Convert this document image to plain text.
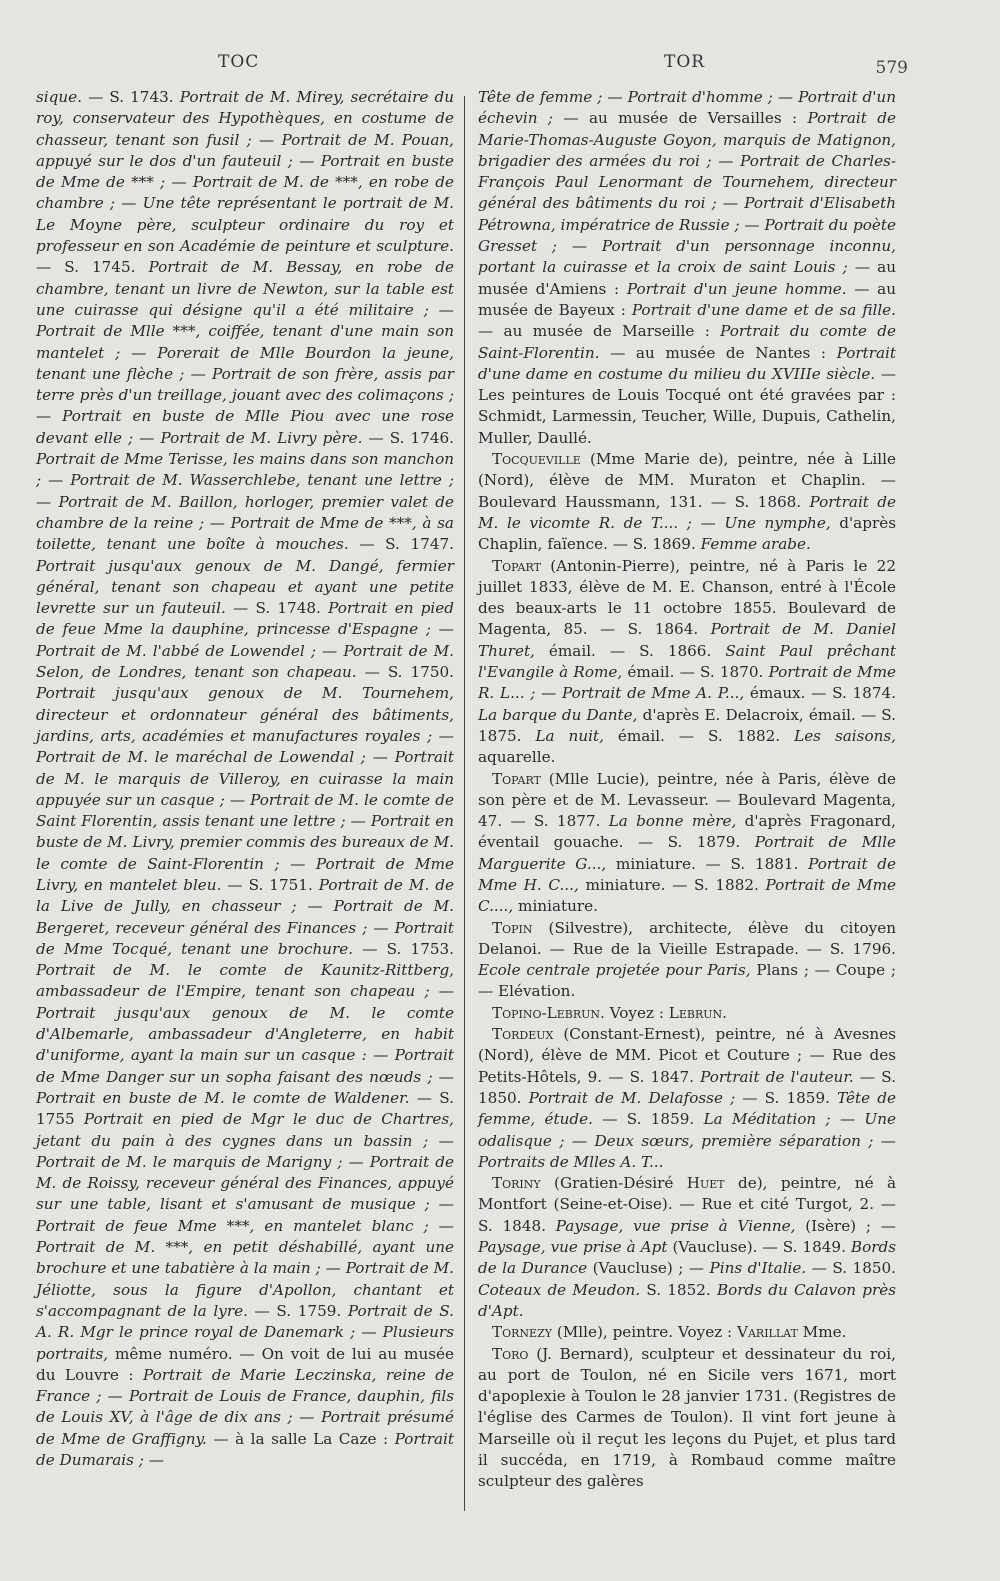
TOC	TOR	579

sique. — S. 1743. Portrait de M. Mirey, secrétaire du roy, conservateur des Hypothèques, en costume de chasseur, tenant son fusil ; — Portrait de M. Pouan, appuyé sur le dos d'un fauteuil ; — Portrait en buste de Mme de *** ; — Portrait de M. de ***, en robe de chambre ; — Une tête représentant le portrait de M. Le Moyne père, sculpteur ordinaire du roy et professeur en son Académie de peinture et sculpture. — S. 1745. Portrait de M. Bessay, en robe de chambre, tenant un livre de Newton, sur la table est une cuirasse qui désigne qu'il a été militaire ; — Portrait de Mlle ***, coiffée, tenant d'une main son mantelet ; — Porerait de Mlle Bourdon la jeune, tenant une flèche ; — Portrait de son frère, assis par terre près d'un treillage, jouant avec des colimaçons ; — Portrait en buste de Mlle Piou avec une rose devant elle ; — Portrait de M. Livry père. — S. 1746. Portrait de Mme Terisse, les mains dans son manchon ; — Portrait de M. Wasserchlebe, tenant une lettre ; — Portrait de M. Baillon, horloger, premier valet de chambre de la reine ; — Portrait de Mme de ***, à sa toilette, tenant une boîte à mouches. — S. 1747. Portrait jusqu'aux genoux de M. Dangé, fermier général, tenant son chapeau et ayant une petite levrette sur un fauteuil. — S. 1748. Portrait en pied de feue Mme la dauphine, princesse d'Espagne ; — Portrait de M. l'abbé de Lowendel ; — Portrait de M. Selon, de Londres, tenant son chapeau. — S. 1750. Portrait jusqu'aux genoux de M. Tournehem, directeur et ordonnateur général des bâtiments, jardins, arts, académies et manufactures royales ; — Portrait de M. le maréchal de Lowendal ; — Portrait de M. le marquis de Villeroy, en cuirasse la main appuyée sur un casque ; — Portrait de M. le comte de Saint Florentin, assis tenant une lettre ; — Portrait en buste de M. Livry, premier commis des bureaux de M. le comte de Saint-Florentin ; — Portrait de Mme Livry, en mantelet bleu. — S. 1751. Portrait de M. de la Live de Jully, en chasseur ; — Portrait de M. Bergeret, receveur général des Finances ; — Portrait de Mme Tocqué, tenant une brochure. — S. 1753. Portrait de M. le comte de Kaunitz-Rittberg, ambassadeur de l'Empire, tenant son chapeau ; — Portrait jusqu'aux genoux de M. le comte d'Albemarle, ambassadeur d'Angleterre, en habit d'uniforme, ayant la main sur un casque : — Portrait de Mme Danger sur un sopha faisant des nœuds ; — Portrait en buste de M. le comte de Waldener. — S. 1755 Portrait en pied de Mgr le duc de Chartres, jetant du pain à des cygnes dans un bassin ; — Portrait de M. le marquis de Marigny ; — Portrait de M. de Roissy, receveur général des Finances, appuyé sur une table, lisant et s'amusant de musique ; — Portrait de feue Mme ***, en mantelet blanc ; — Portrait de M. ***, en petit déshabillé, ayant une brochure et une tabatière à la main ; — Portrait de M. Jéliotte, sous la figure d'Apollon, chantant et s'accompagnant de la lyre. — S. 1759. Portrait de S. A. R. Mgr le prince royal de Danemark ; — Plusieurs portraits, même numéro. — On voit de lui au musée du Louvre : Portrait de Marie Leczinska, reine de France ; — Portrait de Louis de France, dauphin, fils de Louis XV, à l'âge de dix ans ; — Portrait présumé de Mme de Graffigny. — à la salle La Caze : Portrait de Dumarais ; —

Tête de femme ; — Portrait d'homme ; — Portrait d'un échevin ; — au musée de Versailles : Portrait de Marie-Thomas-Auguste Goyon, marquis de Matignon, brigadier des armées du roi ; — Portrait de Charles-François Paul Lenormant de Tournehem, directeur général des bâtiments du roi ; — Portrait d'Elisabeth Pétrowna, impératrice de Russie ; — Portrait du poète Gresset ; — Portrait d'un personnage inconnu, portant la cuirasse et la croix de saint Louis ; — au musée d'Amiens : Portrait d'un jeune homme. — au musée de Bayeux : Portrait d'une dame et de sa fille. — au musée de Marseille : Portrait du comte de Saint-Florentin. — au musée de Nantes : Portrait d'une dame en costume du milieu du XVIIIe siècle. — Les peintures de Louis Tocqué ont été gravées par : Schmidt, Larmessin, Teucher, Wille, Dupuis, Cathelin, Muller, Daullé.

Tocqueville (Mme Marie de), peintre, née à Lille (Nord), élève de MM. Muraton et Chaplin. — Boulevard Haussmann, 131. — S. 1868. Portrait de M. le vicomte R. de T.... ; — Une nymphe, d'après Chaplin, faïence. — S. 1869. Femme arabe.

Topart (Antonin-Pierre), peintre, né à Paris le 22 juillet 1833, élève de M. E. Chanson, entré à l'École des beaux-arts le 11 octobre 1855. Boulevard de Magenta, 85. — S. 1864. Portrait de M. Daniel Thuret, émail. — S. 1866. Saint Paul prêchant l'Evangile à Rome, émail. — S. 1870. Portrait de Mme R. L... ; — Portrait de Mme A. P..., émaux. — S. 1874. La barque du Dante, d'après E. Delacroix, émail. — S. 1875. La nuit, émail. — S. 1882. Les saisons, aquarelle.

Topart (Mlle Lucie), peintre, née à Paris, élève de son père et de M. Levasseur. — Boulevard Magenta, 47. — S. 1877. La bonne mère, d'après Fragonard, éventail gouache. — S. 1879. Portrait de Mlle Marguerite G..., miniature. — S. 1881. Portrait de Mme H. C..., miniature. — S. 1882. Portrait de Mme C...., miniature.

Topin (Silvestre), architecte, élève du citoyen Delanoi. — Rue de la Vieille Estrapade. — S. 1796. Ecole centrale projetée pour Paris, Plans ; — Coupe ; — Elévation.

Topino-Lebrun. Voyez : Lebrun.

Tordeux (Constant-Ernest), peintre, né à Avesnes (Nord), élève de MM. Picot et Couture ; — Rue des Petits-Hôtels, 9. — S. 1847. Portrait de l'auteur. — S. 1850. Portrait de M. Delafosse ; — S. 1859. Tête de femme, étude. — S. 1859. La Méditation ; — Une odalisque ; — Deux sœurs, première séparation ; — Portraits de Mlles A. T...

Toriny (Gratien-Désiré Huet de), peintre, né à Montfort (Seine-et-Oise). — Rue et cité Turgot, 2. — S. 1848. Paysage, vue prise à Vienne, (Isère) ; — Paysage, vue prise à Apt (Vaucluse). — S. 1849. Bords de la Durance (Vaucluse) ; — Pins d'Italie. — S. 1850. Coteaux de Meudon. S. 1852. Bords du Calavon près d'Apt.

Tornezy (Mlle), peintre. Voyez : Varillat Mme.

Toro (J. Bernard), sculpteur et dessinateur du roi, au port de Toulon, né en Sicile vers 1671, mort d'apoplexie à Toulon le 28 janvier 1731. (Registres de l'église des Carmes de Toulon). Il vint fort jeune à Marseille où il reçut les leçons du Pujet, et plus tard il succéda, en 1719, à Rombaud comme maître sculpteur des galères
